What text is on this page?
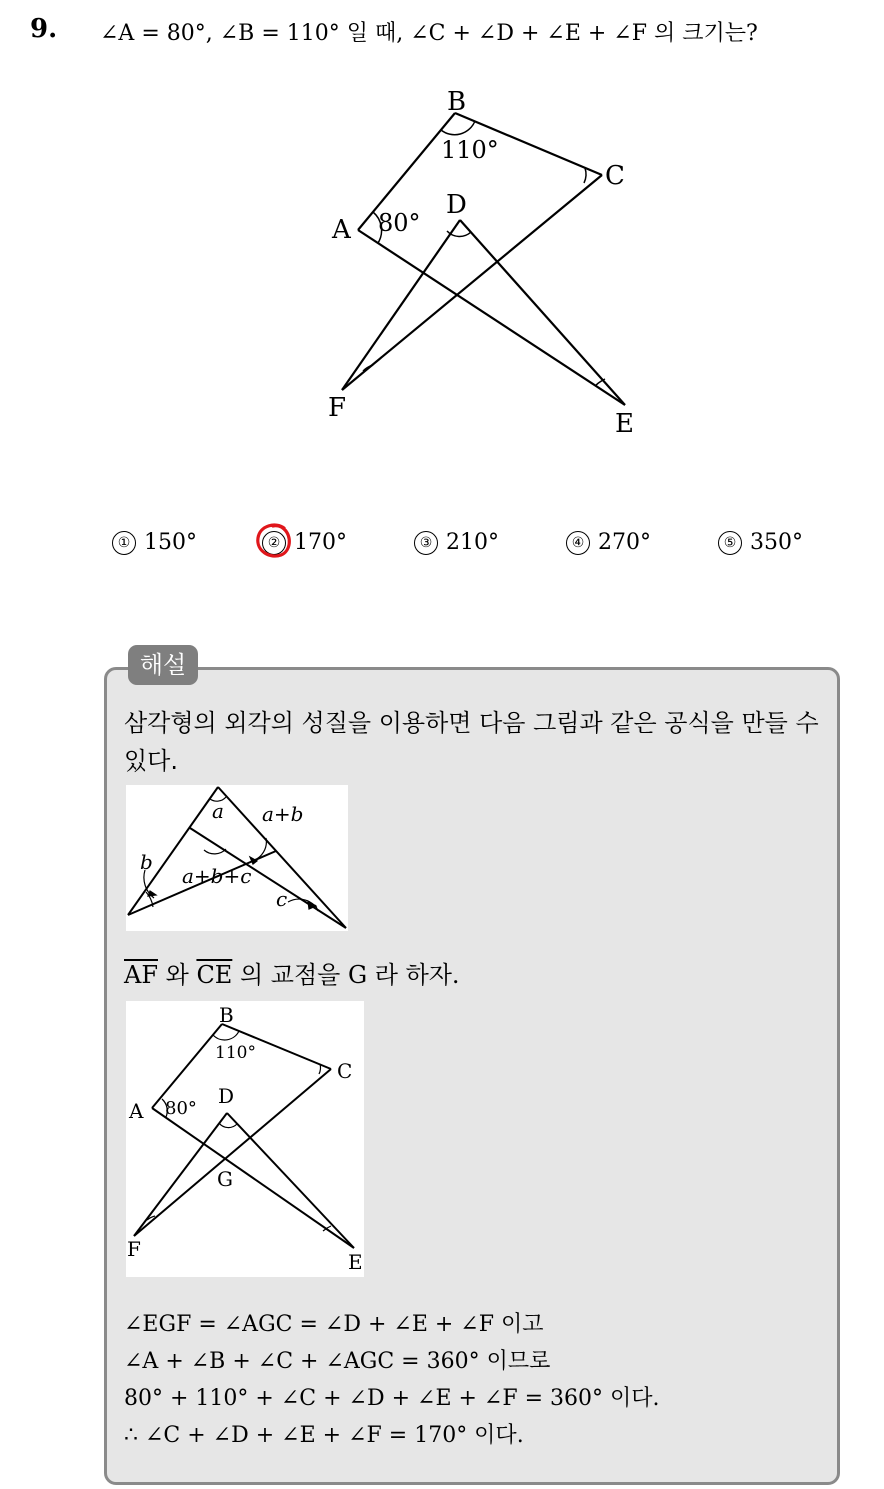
9. ∠A = 80°, ∠B = 110° 일 때, ∠C + ∠D + ∠E + ∠F 의 크기는?
B
C
D
A
F
E
110°
80°
① 150°	② 170°	③ 210°	④ 270°	⑤ 350°
해설
삼각형의 외각의 성질을 이용하면 다음 그림과 같은 공식을 만들 수 있다.
a a+b
b
a+b+c
c
$\overline{AF}$ 와 $\overline{CE}$ 의 교점을 G 라 하자.
B
C
D
A
G
F
E
110°
80°
∠EGF = ∠AGC = ∠D + ∠E + ∠F 이고
∠A + ∠B + ∠C + ∠AGC = 360° 이므로
80° + 110° + ∠C + ∠D + ∠E + ∠F = 360° 이다.
∴ ∠C + ∠D + ∠E + ∠F = 170° 이다.
